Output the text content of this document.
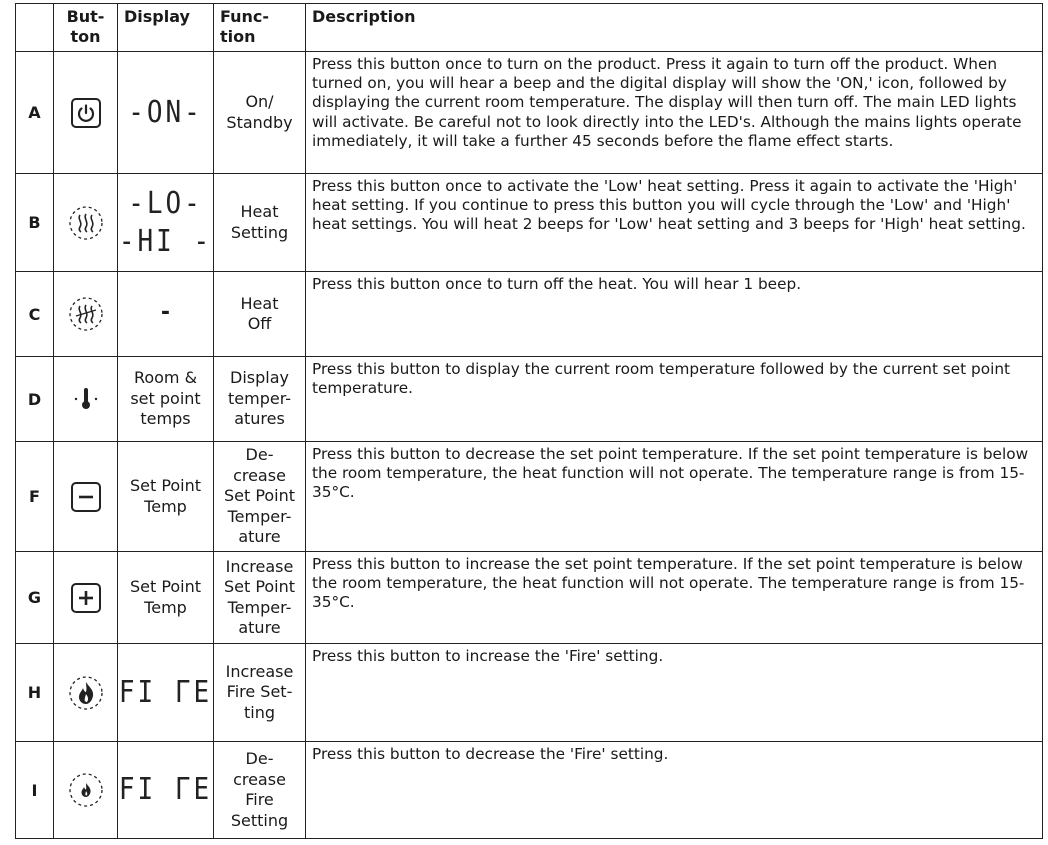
	But-
ton	Display	Func-
tion	Description
A		-ON-	On/
Standby	Press this button once to turn on the product. Press it again to turn off the product. When turned on, you will hear a beep and the digital display will show the 'ON,' icon, followed by displaying the current room temperature. The display will then turn off. The main LED lights will activate. Be careful not to look directly into the LED's. Although the mains lights operate immediately, it will take a further 45 seconds before the flame effect starts.
B		-LO-
-HI -	Heat
Setting	Press this button once to activate the 'Low' heat setting. Press it again to activate the 'High' heat setting. If you continue to press this button you will cycle through the 'Low' and 'High' heat settings. You will heat 2 beeps for 'Low' heat setting and 3 beeps for 'High' heat setting.
C		-	Heat
Off	Press this button once to turn off the heat. You will hear 1 beep.
D		Room &
set point
temps	Display
temper-
atures	Press this button to display the current room temperature followed by the current set point temperature.
F		Set Point
Temp	De-
crease
Set Point
Temper-
ature	Press this button to decrease the set point temperature. If the set point temperature is below the room temperature, the heat function will not operate. The temperature range is from 15-35°C.
G		Set Point
Temp	Increase
Set Point
Temper-
ature	Press this button to increase the set point temperature. If the set point temperature is below the room temperature, the heat function will not operate. The temperature range is from 15-35°C.
H		FI ΓE	Increase
Fire Set-
ting	Press this button to increase the 'Fire' setting.
I		FI ΓE	De-
crease
Fire
Setting	Press this button to decrease the 'Fire' setting.
